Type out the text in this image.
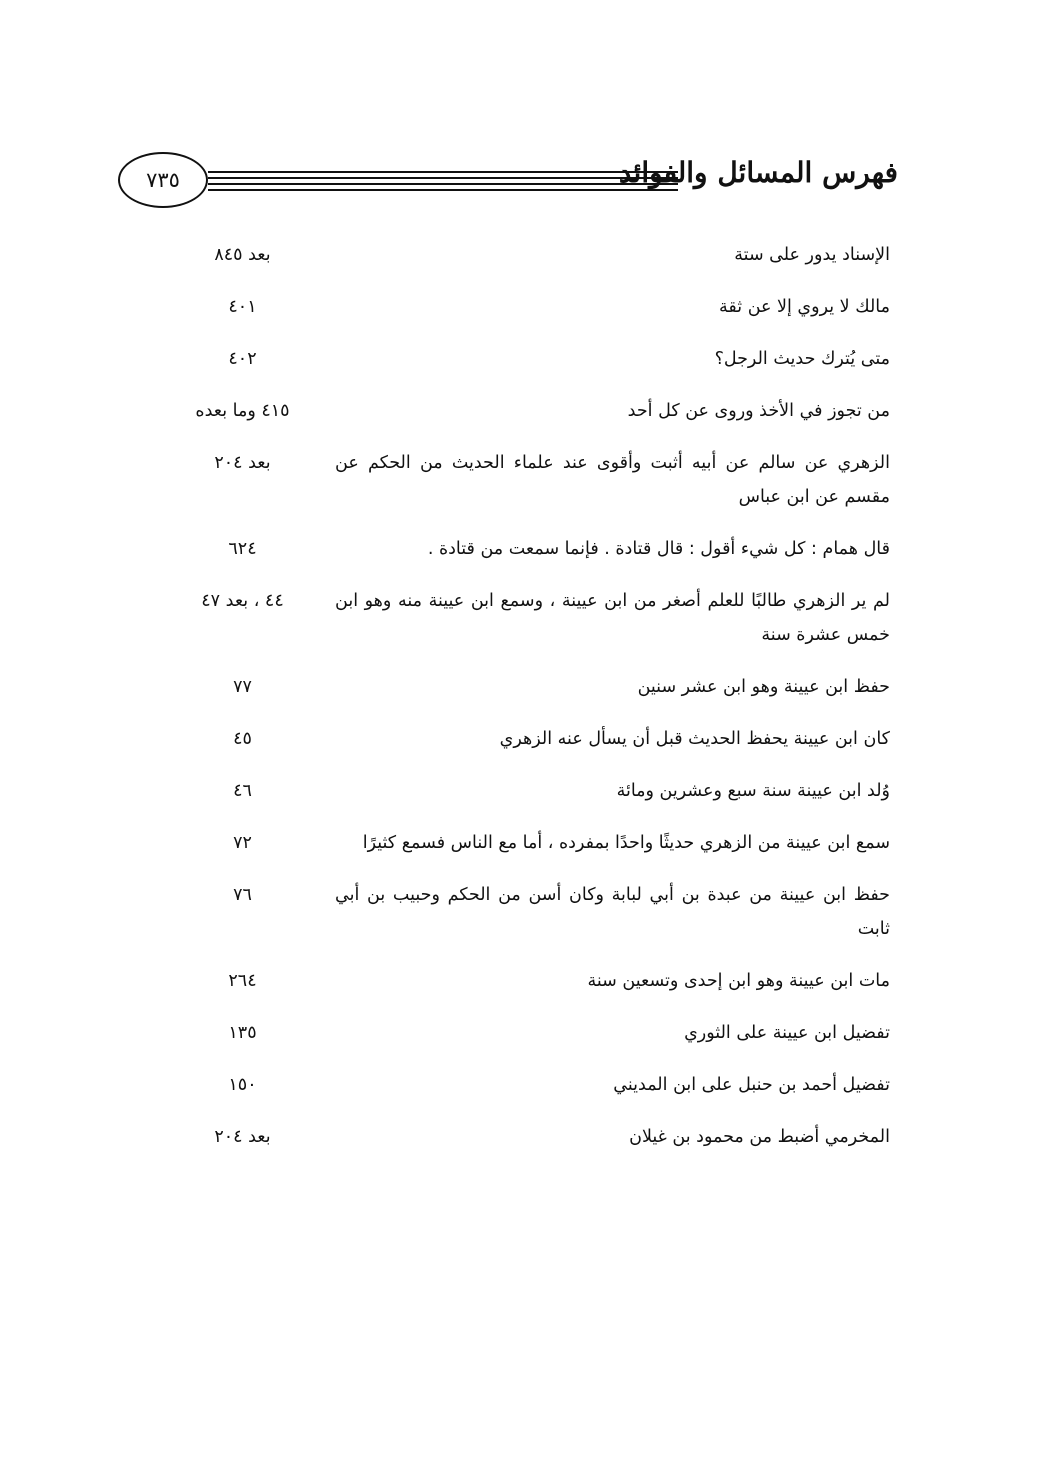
٧٣٥	فهرس المسائل والفوائد
الإسناد يدور على ستة
بعد ٨٤٥
مالك لا يروي إلا عن ثقة
٤٠١
متى يُترك حديث الرجل؟
٤٠٢
من تجوز في الأخذ وروى عن كل أحد
٤١٥ وما بعده
الزهري عن سالم عن أبيه أثبت وأقوى عند علماء الحديث من الحكم عن مقسم عن ابن عباس
بعد ٢٠٤
قال همام : كل شيء أقول : قال قتادة . فإنما سمعت من قتادة .
٦٢٤
لم ير الزهري طالبًا للعلم أصغر من ابن عيينة ، وسمع ابن عيينة منه وهو ابن خمس عشرة سنة
٤٤ ، بعد ٤٧
حفظ ابن عيينة وهو ابن عشر سنين
٧٧
كان ابن عيينة يحفظ الحديث قبل أن يسأل عنه الزهري
٤٥
وُلد ابن عيينة سنة سبع وعشرين ومائة
٤٦
سمع ابن عيينة من الزهري حديثًا واحدًا بمفرده ، أما مع الناس فسمع كثيرًا
٧٢
حفظ ابن عيينة من عبدة بن أبي لبابة وكان أسن من الحكم وحبيب بن أبي ثابت
٧٦
مات ابن عيينة وهو ابن إحدى وتسعين سنة
٢٦٤
تفضيل ابن عيينة على الثوري
١٣٥
تفضيل أحمد بن حنبل على ابن المديني
١٥٠
المخرمي أضبط من محمود بن غيلان
بعد ٢٠٤
